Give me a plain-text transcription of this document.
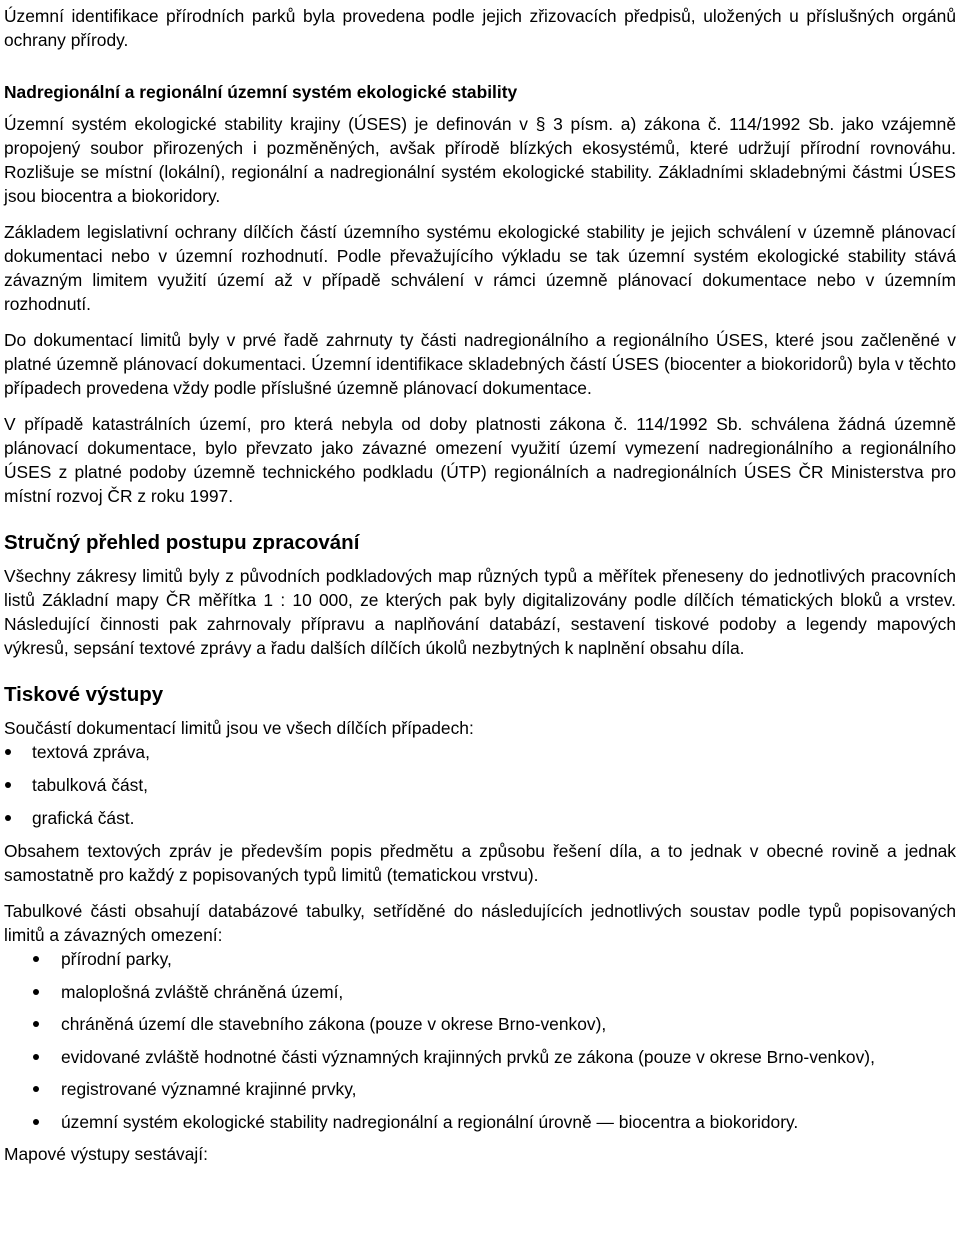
Územní identifikace přírodních parků byla provedena podle jejich zřizovacích předpisů, uložených u příslušných orgánů ochrany přírody.

Nadregionální a regionální územní systém ekologické stability

Územní systém ekologické stability krajiny (ÚSES) je definován v § 3 písm. a) zákona č. 114/1992 Sb. jako vzájemně propojený soubor přirozených i pozměněných, avšak přírodě blízkých ekosystémů, které udržují přírodní rovnováhu. Rozlišuje se místní (lokální), regionální a nadregionální systém ekologické stability. Základními skladebnými částmi ÚSES jsou biocentra a biokoridory.

Základem legislativní ochrany dílčích částí územního systému ekologické stability je jejich schválení v územně plánovací dokumentaci nebo v územní rozhodnutí. Podle převažujícího výkladu se tak územní systém ekologické stability stává závazným limitem využití území až v případě schválení v rámci územně plánovací dokumentace nebo v územním rozhodnutí.

Do dokumentací limitů byly v prvé řadě zahrnuty ty části nadregionálního a regionálního ÚSES, které jsou začleněné v platné územně plánovací dokumentaci. Územní identifikace skladebných částí ÚSES (biocenter a biokoridorů) byla v těchto případech provedena vždy podle příslušné územně plánovací dokumentace.

V případě katastrálních území, pro která nebyla od doby platnosti zákona č. 114/1992 Sb. schválena žádná územně plánovací dokumentace, bylo převzato jako závazné omezení využití území vymezení nadregionálního a regionálního ÚSES z platné podoby územně technického podkladu (ÚTP) regionálních a nadregionálních ÚSES ČR Ministerstva pro místní rozvoj ČR z roku 1997.

Stručný přehled postupu zpracování

Všechny zákresy limitů byly z původních podkladových map různých typů a měřítek přeneseny do jednotlivých pracovních listů Základní mapy ČR měřítka 1 : 10 000, ze kterých pak byly digitalizovány podle dílčích tématických bloků a vrstev. Následující činnosti pak zahrnovaly přípravu a naplňování databází, sestavení tiskové podoby a legendy mapových výkresů, sepsání textové zprávy a řadu dalších dílčích úkolů nezbytných k naplnění obsahu díla.

Tiskové výstupy

Součástí dokumentací limitů jsou ve všech dílčích případech:

textová zpráva,
tabulková část,
grafická část.

Obsahem textových zpráv je především popis předmětu a způsobu řešení díla, a to jednak v obecné rovině a jednak samostatně pro každý z popisovaných typů limitů (tematickou vrstvu).

Tabulkové části obsahují databázové tabulky, setříděné do následujících jednotlivých soustav podle typů popisovaných limitů a závazných omezení:

přírodní parky,
maloplošná zvláště chráněná území,
chráněná území dle stavebního zákona (pouze v okrese Brno-venkov),
evidované zvláště hodnotné části významných krajinných prvků ze zákona (pouze v okrese Brno-venkov),
registrované významné krajinné prvky,
územní systém ekologické stability nadregionální a regionální úrovně — biocentra a biokoridory.

Mapové výstupy sestávají:
